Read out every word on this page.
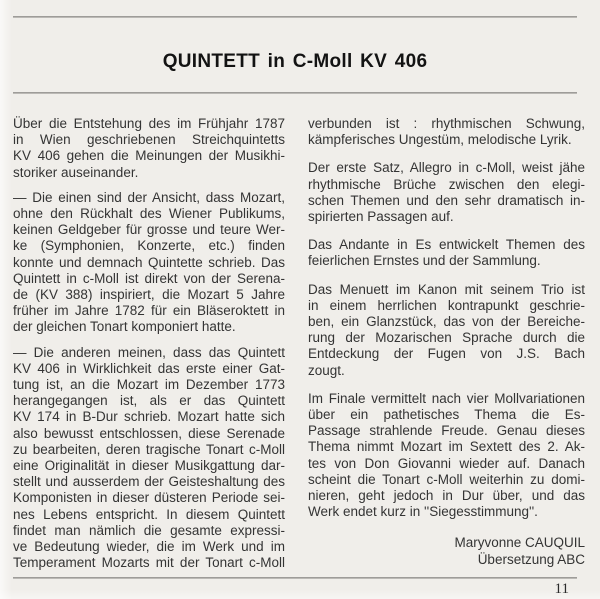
QUINTETT in C-Moll KV 406
Über die Entstehung des im Frühjahr 1787
in Wien geschriebenen Streichquintetts
KV 406 gehen die Meinungen der Musikhi-
storiker auseinander.
— Die einen sind der Ansicht, dass Mozart,
ohne den Rückhalt des Wiener Publikums,
keinen Geldgeber für grosse und teure Wer-
ke (Symphonien, Konzerte, etc.) finden
konnte und demnach Quintette schrieb. Das
Quintett in c-Moll ist direkt von der Serena-
de (KV 388) inspiriert, die Mozart 5 Jahre
früher im Jahre 1782 für ein Bläseroktett in
der gleichen Tonart komponiert hatte.
— Die anderen meinen, dass das Quintett
KV 406 in Wirklichkeit das erste einer Gat-
tung ist, an die Mozart im Dezember 1773
herangegangen ist, als er das Quintett
KV 174 in B-Dur schrieb. Mozart hatte sich
also bewusst entschlossen, diese Serenade
zu bearbeiten, deren tragische Tonart c-Moll
eine Originalität in dieser Musikgattung dar-
stellt und ausserdem der Geisteshaltung des
Komponisten in dieser düsteren Periode sei-
nes Lebens entspricht. In diesem Quintett
findet man nämlich die gesamte expressi-
ve Bedeutung wieder, die im Werk und im
Temperament Mozarts mit der Tonart c-Moll
verbunden ist : rhythmischen Schwung,
kämpferisches Ungestüm, melodische Lyrik.
Der erste Satz, Allegro in c-Moll, weist jähe
rhythmische Brüche zwischen den elegi-
schen Themen und den sehr dramatisch in-
spirierten Passagen auf.
Das Andante in Es entwickelt Themen des
feierlichen Ernstes und der Sammlung.
Das Menuett im Kanon mit seinem Trio ist
in einem herrlichen kontrapunkt geschrie-
ben, ein Glanzstück, das von der Bereiche-
rung der Mozarischen Sprache durch die
Entdeckung der Fugen von J.S. Bach
zougt.
Im Finale vermittelt nach vier Mollvariationen
über ein pathetisches Thema die Es-
Passage strahlende Freude. Genau dieses
Thema nimmt Mozart im Sextett des 2. Ak-
tes von Don Giovanni wieder auf. Danach
scheint die Tonart c-Moll weiterhin zu domi-
nieren, geht jedoch in Dur über, und das
Werk endet kurz in ''Siegesstimmung''.
Maryvonne CAUQUIL
Übersetzung ABC
11
